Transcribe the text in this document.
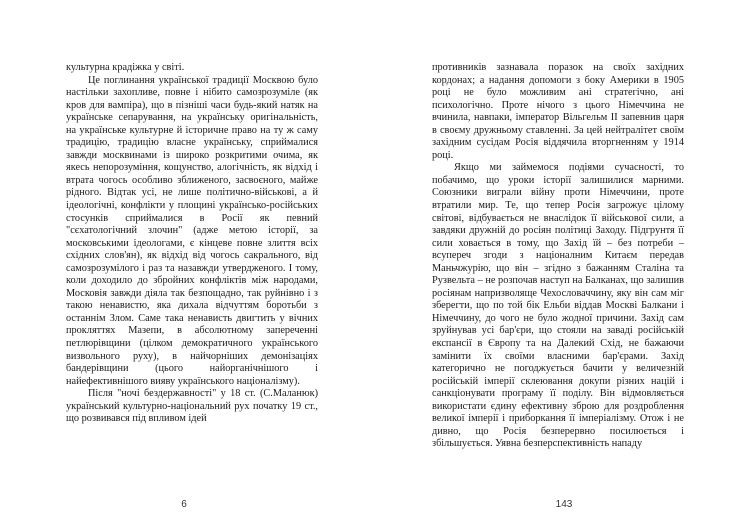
культурна крадіжка у світі.

Це поглинання української традиції Москвою було настільки захопливе, повне і нібито самозрозуміле (як кров для вампіра), що в пізніші часи будь-який натяк на українське сепарування, на українську оригінальність, на українське культурне й історичне право на ту ж саму традицію, традицію власне українську, сприймалися завжди москвинами із широко розкритими очима, як якесь непорозуміння, кощунство, алогічність, як відхід і втрата чогось особливо зближеного, засвоєного, майже рідного. Відтак усі, не лише політично-військові, а й ідеологічні, конфлікти у площині українсько-російських стосунків сприймалися в Росії як певний "сєхатологічний злочин" (адже метою історії, за московськими ідеологами, є кінцеве повне злиття всіх східних слов'ян), як відхід від чогось сакрального, від самозрозумілого і раз та назавжди утвердженого. І тому, коли доходило до збройних конфліктів між народами, Московія завжди діяла так безпощадно, так руйнівно і з такою ненавистю, яка дихала відчуттям боротьби з останнім Злом. Саме така ненависть двигтить у вічних прокляттях Мазепи, в абсолютному запереченні петлюрівщини (цілком демократичного українського визвольного руху), в найчорніших демонізаціях бандерівщини (цього найорганічнішого і найефективнішого вияву українського націоналізму).

Після "ночі бездержавності" у 18 ст. (С.Маланюк) український культурно-національний рух початку 19 ст., що розвивався під впливом ідей

6

противників зазнавала поразок на своїх західних кордонах; а надання допомоги з боку Америки в 1905 році не було можливим ані стратегічно, ані психологічно. Проте нічого з цього Німеччина не вчинила, навпаки, імператор Вільгельм II запевнив царя в своєму дружньому ставленні. За цей нейтралітет своїм західним сусідам Росія віддячила вторгненням у 1914 році.

Якщо ми займемося подіями сучасності, то побачимо, що уроки історії залишилися марними. Союзники виграли війну проти Німеччини, проте втратили мир. Те, що тепер Росія загрожує цілому світові, відбувається не внаслідок її військової сили, а завдяки дружній до росіян політиці Заходу. Підгрунтя її сили ховається в тому, що Захід їй – без потреби – всупереч згоди з націоналним Китаєм передав Маньчжурію, що він – згідно з бажанням Сталіна та Рузвельта – не розпочав наступ на Балканах, що залишив росіянам напризволяще Чехословаччину, яку він сам міг зберегти, що по той бік Ельби віддав Москві Балкани і Німеччину, до чого не було жодної причини. Захід сам зруйнував усі бар'єри, що стояли на заваді російській експансії в Європу та на Далекий Схід, не бажаючи замінити їх своїми власними бар'єрами. Захід категорично не погоджується бачити у величезній російській імперії склеювання докупи різних націй і санкціонувати програму її поділу. Він відмовляється використати єдину ефективну зброю для роздроблення великої імперії і приборкання її імперіалізму. Отож і не дивно, що Росія безперервно посилюється і збільшується. Уявна безперспективність нападу

143
